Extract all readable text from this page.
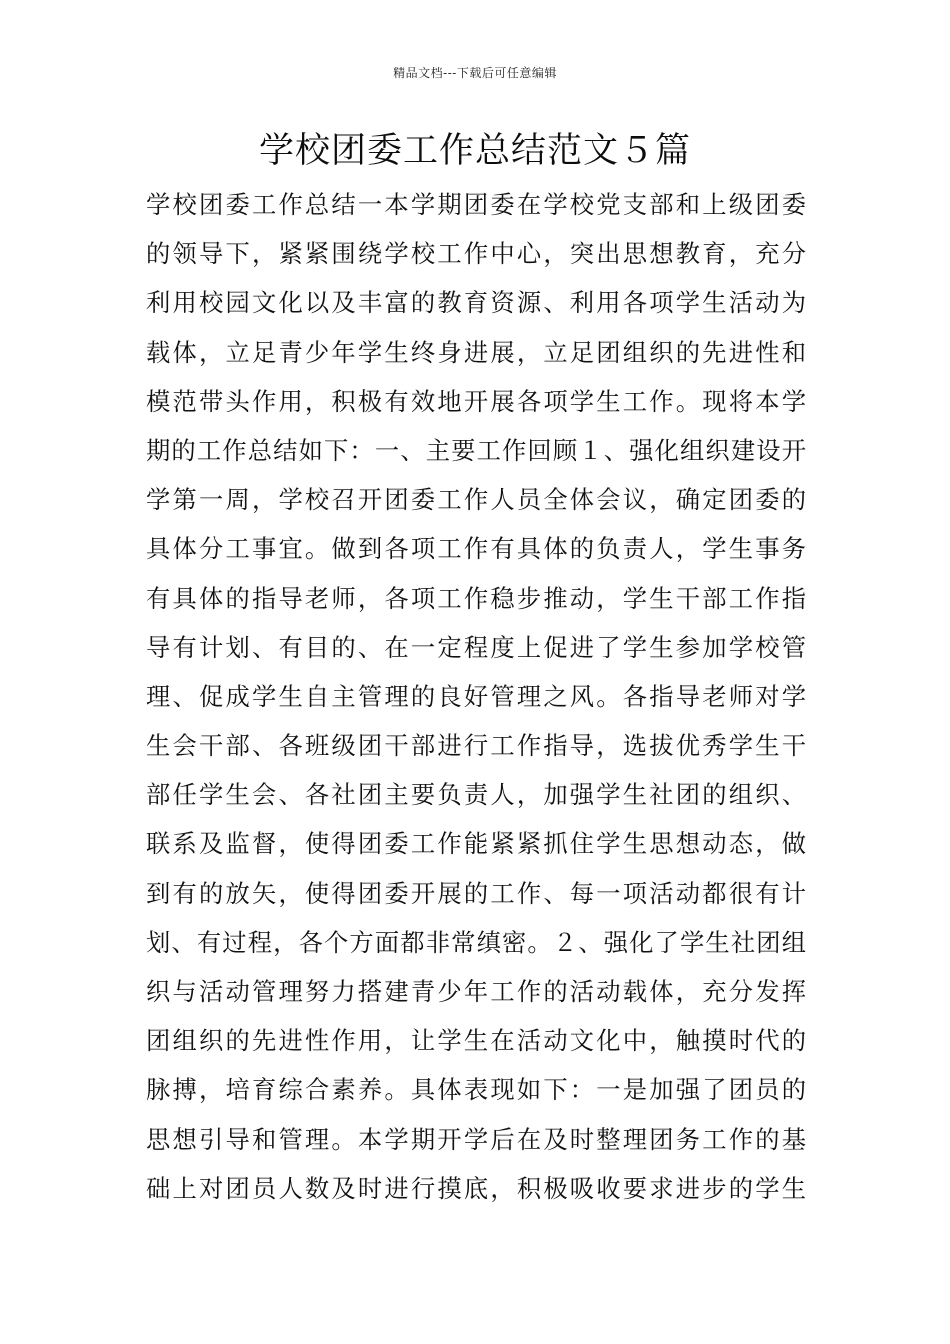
精品文档---下载后可任意编辑
学校团委工作总结范文５篇
学校团委工作总结一本学期团委在学校党支部和上级团委
的领导下，紧紧围绕学校工作中心，突出思想教育，充分
利用校园文化以及丰富的教育资源、利用各项学生活动为
载体，立足青少年学生终身进展，立足团组织的先进性和
模范带头作用，积极有效地开展各项学生工作。现将本学
期的工作总结如下：一、主要工作回顾１、强化组织建设开
学第一周，学校召开团委工作人员全体会议，确定团委的
具体分工事宜。做到各项工作有具体的负责人，学生事务
有具体的指导老师，各项工作稳步推动，学生干部工作指
导有计划、有目的、在一定程度上促进了学生参加学校管
理、促成学生自主管理的良好管理之风。各指导老师对学
生会干部、各班级团干部进行工作指导，选拔优秀学生干
部任学生会、各社团主要负责人，加强学生社团的组织、
联系及监督，使得团委工作能紧紧抓住学生思想动态，做
到有的放矢，使得团委开展的工作、每一项活动都很有计
划、有过程，各个方面都非常缜密。２、强化了学生社团组
织与活动管理努力搭建青少年工作的活动载体，充分发挥
团组织的先进性作用，让学生在活动文化中，触摸时代的
脉搏，培育综合素养。具体表现如下：一是加强了团员的
思想引导和管理。本学期开学后在及时整理团务工作的基
础上对团员人数及时进行摸底，积极吸收要求进步的学生
